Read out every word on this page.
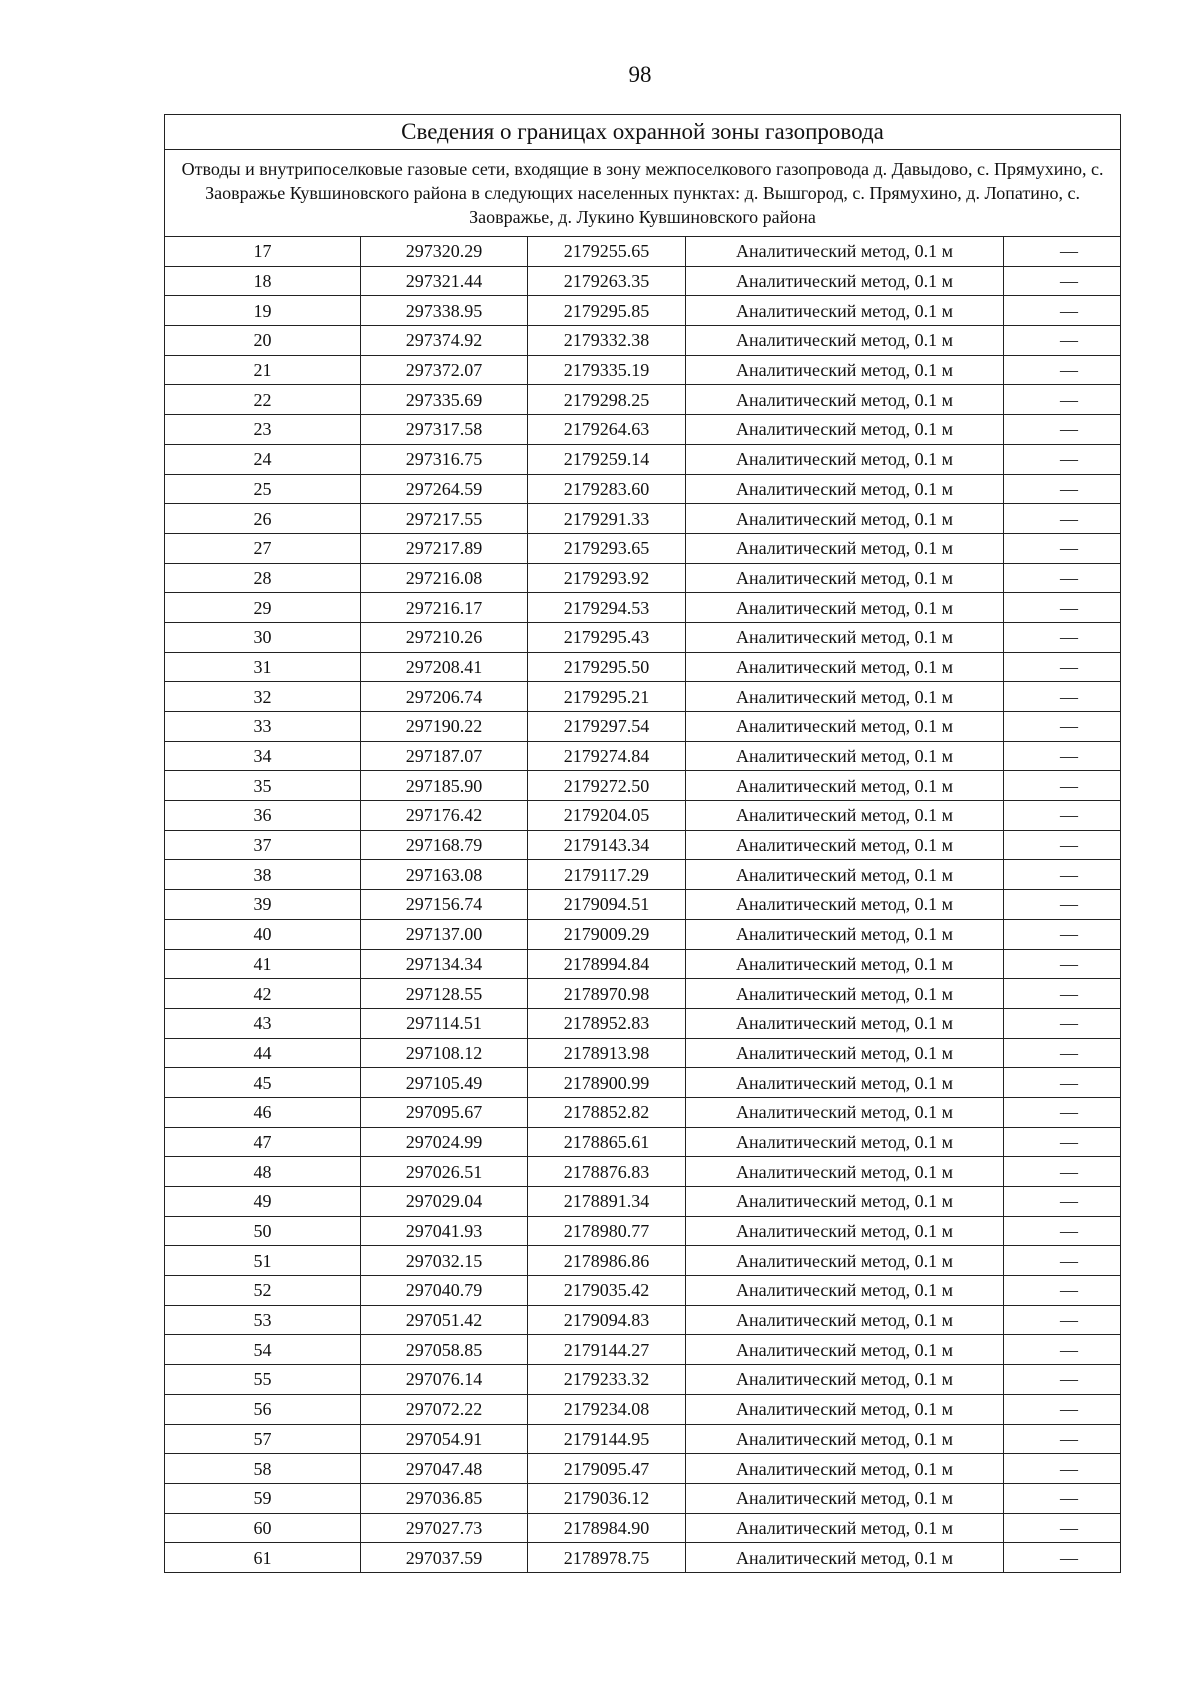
98
Сведения о границах охранной зоны газопровода				
Отводы и внутрипоселковые газовые сети, входящие в зону межпоселкового газопровода д. Давыдово, с. Прямухино, с. Заовражье Кувшиновского района в следующих населенных пунктах: д. Вышгород, с. Прямухино, д. Лопатино, с. Заовражье, д. Лукино Кувшиновского района				
17	297320.29	2179255.65	Аналитический метод, 0.1 м	—
18	297321.44	2179263.35	Аналитический метод, 0.1 м	—
19	297338.95	2179295.85	Аналитический метод, 0.1 м	—
20	297374.92	2179332.38	Аналитический метод, 0.1 м	—
21	297372.07	2179335.19	Аналитический метод, 0.1 м	—
22	297335.69	2179298.25	Аналитический метод, 0.1 м	—
23	297317.58	2179264.63	Аналитический метод, 0.1 м	—
24	297316.75	2179259.14	Аналитический метод, 0.1 м	—
25	297264.59	2179283.60	Аналитический метод, 0.1 м	—
26	297217.55	2179291.33	Аналитический метод, 0.1 м	—
27	297217.89	2179293.65	Аналитический метод, 0.1 м	—
28	297216.08	2179293.92	Аналитический метод, 0.1 м	—
29	297216.17	2179294.53	Аналитический метод, 0.1 м	—
30	297210.26	2179295.43	Аналитический метод, 0.1 м	—
31	297208.41	2179295.50	Аналитический метод, 0.1 м	—
32	297206.74	2179295.21	Аналитический метод, 0.1 м	—
33	297190.22	2179297.54	Аналитический метод, 0.1 м	—
34	297187.07	2179274.84	Аналитический метод, 0.1 м	—
35	297185.90	2179272.50	Аналитический метод, 0.1 м	—
36	297176.42	2179204.05	Аналитический метод, 0.1 м	—
37	297168.79	2179143.34	Аналитический метод, 0.1 м	—
38	297163.08	2179117.29	Аналитический метод, 0.1 м	—
39	297156.74	2179094.51	Аналитический метод, 0.1 м	—
40	297137.00	2179009.29	Аналитический метод, 0.1 м	—
41	297134.34	2178994.84	Аналитический метод, 0.1 м	—
42	297128.55	2178970.98	Аналитический метод, 0.1 м	—
43	297114.51	2178952.83	Аналитический метод, 0.1 м	—
44	297108.12	2178913.98	Аналитический метод, 0.1 м	—
45	297105.49	2178900.99	Аналитический метод, 0.1 м	—
46	297095.67	2178852.82	Аналитический метод, 0.1 м	—
47	297024.99	2178865.61	Аналитический метод, 0.1 м	—
48	297026.51	2178876.83	Аналитический метод, 0.1 м	—
49	297029.04	2178891.34	Аналитический метод, 0.1 м	—
50	297041.93	2178980.77	Аналитический метод, 0.1 м	—
51	297032.15	2178986.86	Аналитический метод, 0.1 м	—
52	297040.79	2179035.42	Аналитический метод, 0.1 м	—
53	297051.42	2179094.83	Аналитический метод, 0.1 м	—
54	297058.85	2179144.27	Аналитический метод, 0.1 м	—
55	297076.14	2179233.32	Аналитический метод, 0.1 м	—
56	297072.22	2179234.08	Аналитический метод, 0.1 м	—
57	297054.91	2179144.95	Аналитический метод, 0.1 м	—
58	297047.48	2179095.47	Аналитический метод, 0.1 м	—
59	297036.85	2179036.12	Аналитический метод, 0.1 м	—
60	297027.73	2178984.90	Аналитический метод, 0.1 м	—
61	297037.59	2178978.75	Аналитический метод, 0.1 м	—
